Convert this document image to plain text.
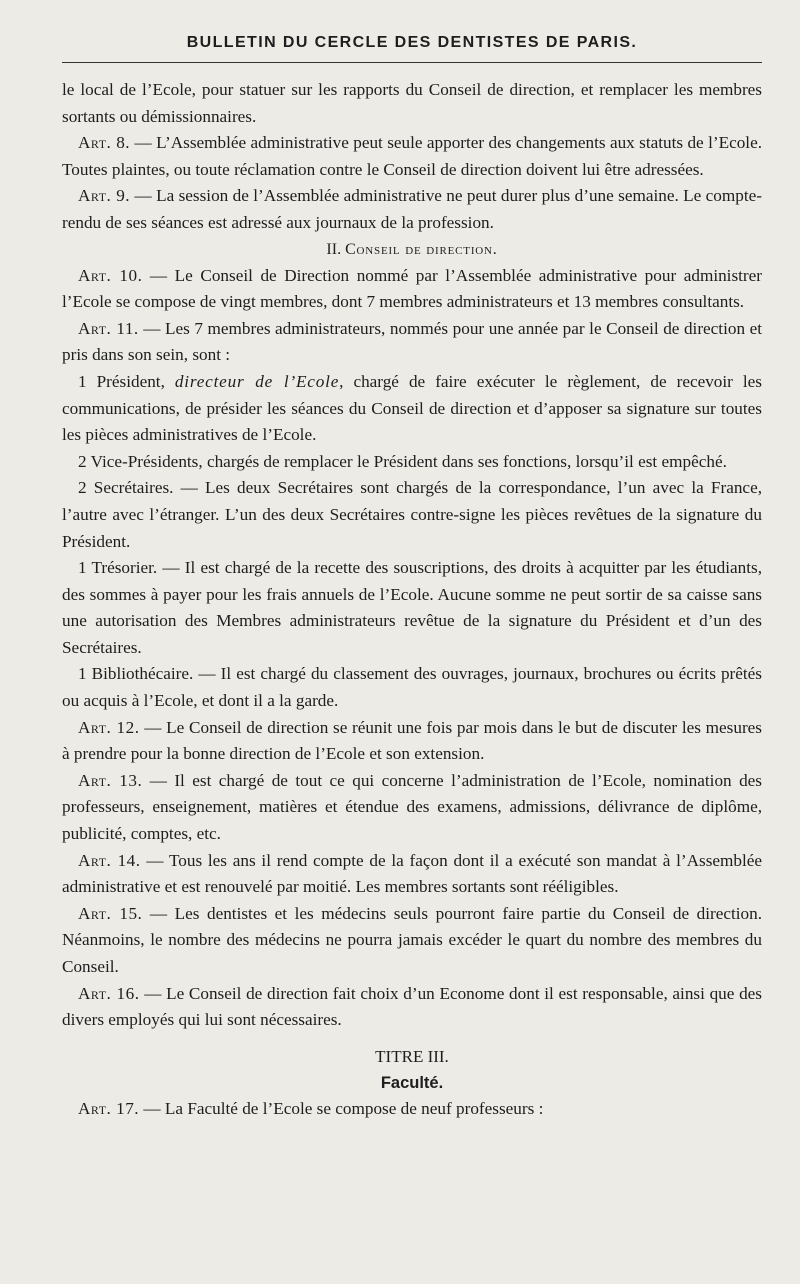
BULLETIN DU CERCLE DES DENTISTES DE PARIS.

le local de l’Ecole, pour statuer sur les rapports du Conseil de direction, et remplacer les membres sortants ou démissionnaires.

Art. 8. — L’Assemblée administrative peut seule apporter des changements aux statuts de l’Ecole. Toutes plaintes, ou toute réclamation contre le Conseil de direction doivent lui être adressées.

Art. 9. — La session de l’Assemblée administrative ne peut durer plus d’une semaine. Le compte-rendu de ses séances est adressé aux journaux de la profession.

II. Conseil de direction.

Art. 10. — Le Conseil de Direction nommé par l’Assemblée administrative pour administrer l’Ecole se compose de vingt membres, dont 7 membres administrateurs et 13 membres consultants.

Art. 11. — Les 7 membres administrateurs, nommés pour une année par le Conseil de direction et pris dans son sein, sont :

1 Président, directeur de l’Ecole, chargé de faire exécuter le règlement, de recevoir les communications, de présider les séances du Conseil de direction et d’apposer sa signature sur toutes les pièces administratives de l’Ecole.

2 Vice-Présidents, chargés de remplacer le Président dans ses fonctions, lorsqu’il est empêché.

2 Secrétaires. — Les deux Secrétaires sont chargés de la correspondance, l’un avec la France, l’autre avec l’étranger. L’un des deux Secrétaires contre-signe les pièces revêtues de la signature du Président.

1 Trésorier. — Il est chargé de la recette des souscriptions, des droits à acquitter par les étudiants, des sommes à payer pour les frais annuels de l’Ecole. Aucune somme ne peut sortir de sa caisse sans une autorisation des Membres administrateurs revêtue de la signature du Président et d’un des Secrétaires.

1 Bibliothécaire. — Il est chargé du classement des ouvrages, journaux, brochures ou écrits prêtés ou acquis à l’Ecole, et dont il a la garde.

Art. 12. — Le Conseil de direction se réunit une fois par mois dans le but de discuter les mesures à prendre pour la bonne direction de l’Ecole et son extension.

Art. 13. — Il est chargé de tout ce qui concerne l’administration de l’Ecole, nomination des professeurs, enseignement, matières et étendue des examens, admissions, délivrance de diplôme, publicité, comptes, etc.

Art. 14. — Tous les ans il rend compte de la façon dont il a exécuté son mandat à l’Assemblée administrative et est renouvelé par moitié. Les membres sortants sont rééligibles.

Art. 15. — Les dentistes et les médecins seuls pourront faire partie du Conseil de direction. Néanmoins, le nombre des médecins ne pourra jamais excéder le quart du nombre des membres du Conseil.

Art. 16. — Le Conseil de direction fait choix d’un Econome dont il est responsable, ainsi que des divers employés qui lui sont nécessaires.

TITRE III.
Faculté.

Art. 17. — La Faculté de l’Ecole se compose de neuf professeurs :
